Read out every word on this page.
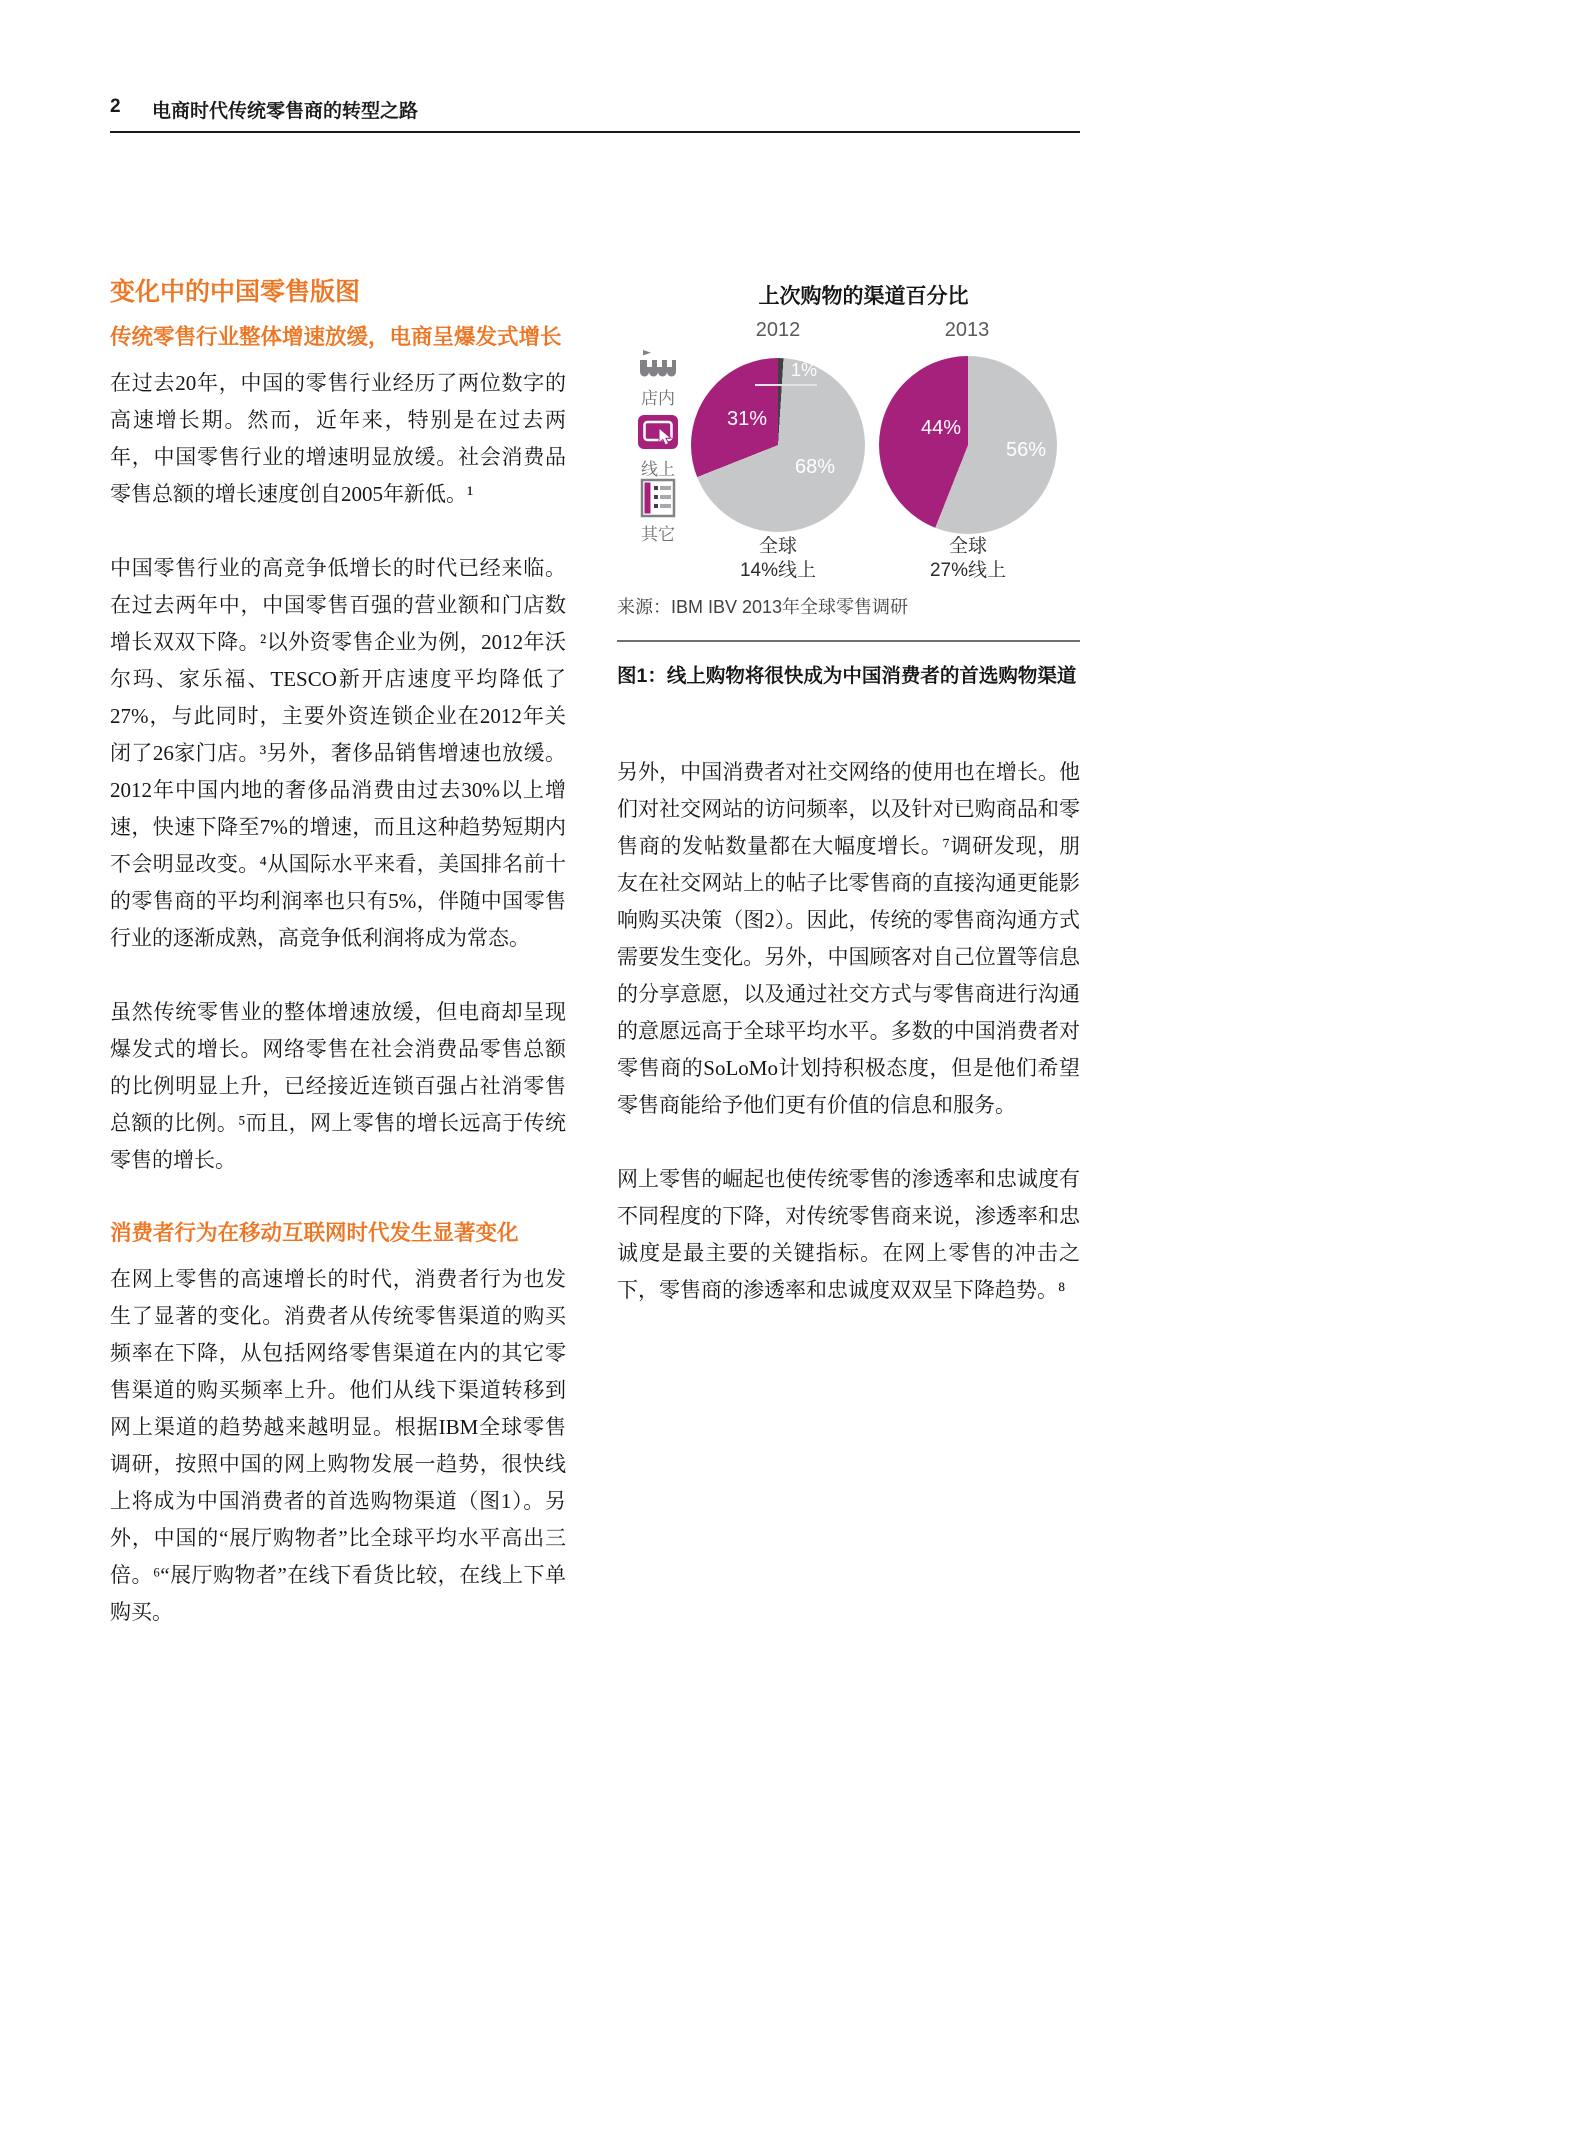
2	电商时代传统零售商的转型之路
变化中的中国零售版图
传统零售行业整体增速放缓，电商呈爆发式增长

在过去20年，中国的零售行业经历了两位数字的高速增长期。然而，近年来，特别是在过去两年，中国零售行业的增速明显放缓。社会消费品零售总额的增长速度创自2005年新低。¹

中国零售行业的高竞争低增长的时代已经来临。在过去两年中，中国零售百强的营业额和门店数增长双双下降。²以外资零售企业为例，2012年沃尔玛、家乐福、TESCO新开店速度平均降低了27%，与此同时，主要外资连锁企业在2012年关闭了26家门店。³另外，奢侈品销售增速也放缓。2012年中国内地的奢侈品消费由过去30%以上增速，快速下降至7%的增速，而且这种趋势短期内不会明显改变。⁴从国际水平来看，美国排名前十的零售商的平均利润率也只有5%，伴随中国零售行业的逐渐成熟，高竞争低利润将成为常态。

虽然传统零售业的整体增速放缓，但电商却呈现爆发式的增长。网络零售在社会消费品零售总额的比例明显上升，已经接近连锁百强占社消零售总额的比例。⁵而且，网上零售的增长远高于传统零售的增长。

消费者行为在移动互联网时代发生显著变化

在网上零售的高速增长的时代，消费者行为也发生了显著的变化。消费者从传统零售渠道的购买频率在下降，从包括网络零售渠道在内的其它零售渠道的购买频率上升。他们从线下渠道转移到网上渠道的趋势越来越明显。根据IBM全球零售调研，按照中国的网上购物发展一趋势，很快线上将成为中国消费者的首选购物渠道（图1）。另外，中国的“展厅购物者”比全球平均水平高出三倍。⁶“展厅购物者”在线下看货比较，在线上下单购买。

上次购物的渠道百分比
2012	2013
店内
线上
其它
1%
68%
31%
56%
44%
全球
14%线上
全球
27%线上
来源：IBM IBV 2013年全球零售调研
图1：线上购物将很快成为中国消费者的首选购物渠道

另外，中国消费者对社交网络的使用也在增长。他们对社交网站的访问频率，以及针对已购商品和零售商的发帖数量都在大幅度增长。⁷调研发现，朋友在社交网站上的帖子比零售商的直接沟通更能影响购买决策（图2）。因此，传统的零售商沟通方式需要发生变化。另外，中国顾客对自己位置等信息的分享意愿，以及通过社交方式与零售商进行沟通的意愿远高于全球平均水平。多数的中国消费者对零售商的SoLoMo计划持积极态度，但是他们希望零售商能给予他们更有价值的信息和服务。

网上零售的崛起也使传统零售的渗透率和忠诚度有不同程度的下降，对传统零售商来说，渗透率和忠诚度是最主要的关键指标。在网上零售的冲击之下，零售商的渗透率和忠诚度双双呈下降趋势。⁸
